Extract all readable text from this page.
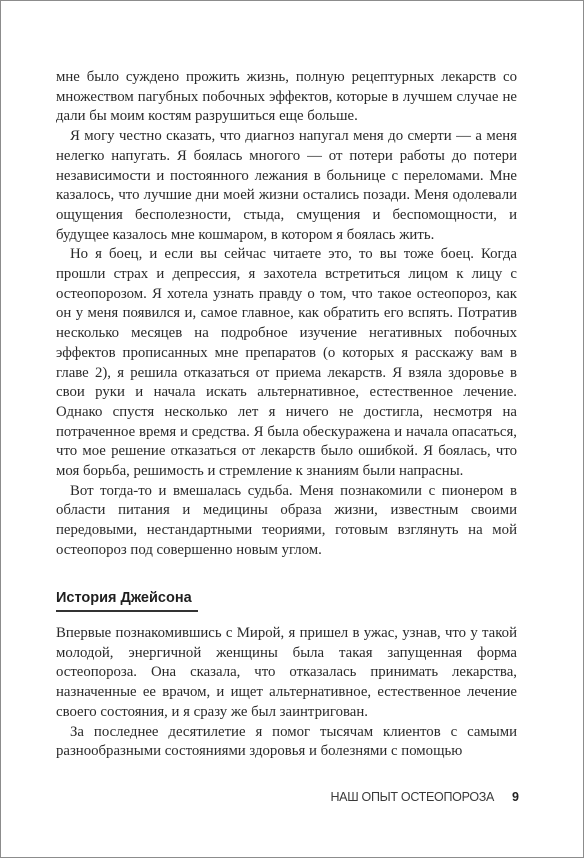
мне было суждено прожить жизнь, полную рецептурных лекарств со множеством пагубных побочных эффектов, которые в лучшем случае не дали бы моим костям разрушиться еще больше.

Я могу честно сказать, что диагноз напугал меня до смерти — а меня нелегко напугать. Я боялась многого — от потери работы до потери независимости и постоянного лежания в больнице с переломами. Мне казалось, что лучшие дни моей жизни остались позади. Меня одолевали ощущения бесполезности, стыда, смущения и беспомощности, и будущее казалось мне кошмаром, в котором я боялась жить.

Но я боец, и если вы сейчас читаете это, то вы тоже боец. Когда прошли страх и депрессия, я захотела встретиться лицом к лицу с остеопорозом. Я хотела узнать правду о том, что такое остеопороз, как он у меня появился и, самое главное, как обратить его вспять. Потратив несколько месяцев на подробное изучение негативных побочных эффектов прописанных мне препаратов (о которых я расскажу вам в главе 2), я решила отказаться от приема лекарств. Я взяла здоровье в свои руки и начала искать альтернативное, естественное лечение. Однако спустя несколько лет я ничего не достигла, несмотря на потраченное время и средства. Я была обескуражена и начала опасаться, что мое решение отказаться от лекарств было ошибкой. Я боялась, что моя борьба, решимость и стремление к знаниям были напрасны.

Вот тогда-то и вмешалась судьба. Меня познакомили с пионером в области питания и медицины образа жизни, известным своими передовыми, нестандартными теориями, готовым взглянуть на мой остеопороз под совершенно новым углом.

История Джейсона

Впервые познакомившись с Мирой, я пришел в ужас, узнав, что у такой молодой, энергичной женщины была такая запущенная форма остеопороза. Она сказала, что отказалась принимать лекарства, назначенные ее врачом, и ищет альтернативное, естественное лечение своего состояния, и я сразу же был заинтригован.

За последнее десятилетие я помог тысячам клиентов с самыми разнообразными состояниями здоровья и болезнями с помощью

НАШ ОПЫТ ОСТЕОПОРОЗА 9
